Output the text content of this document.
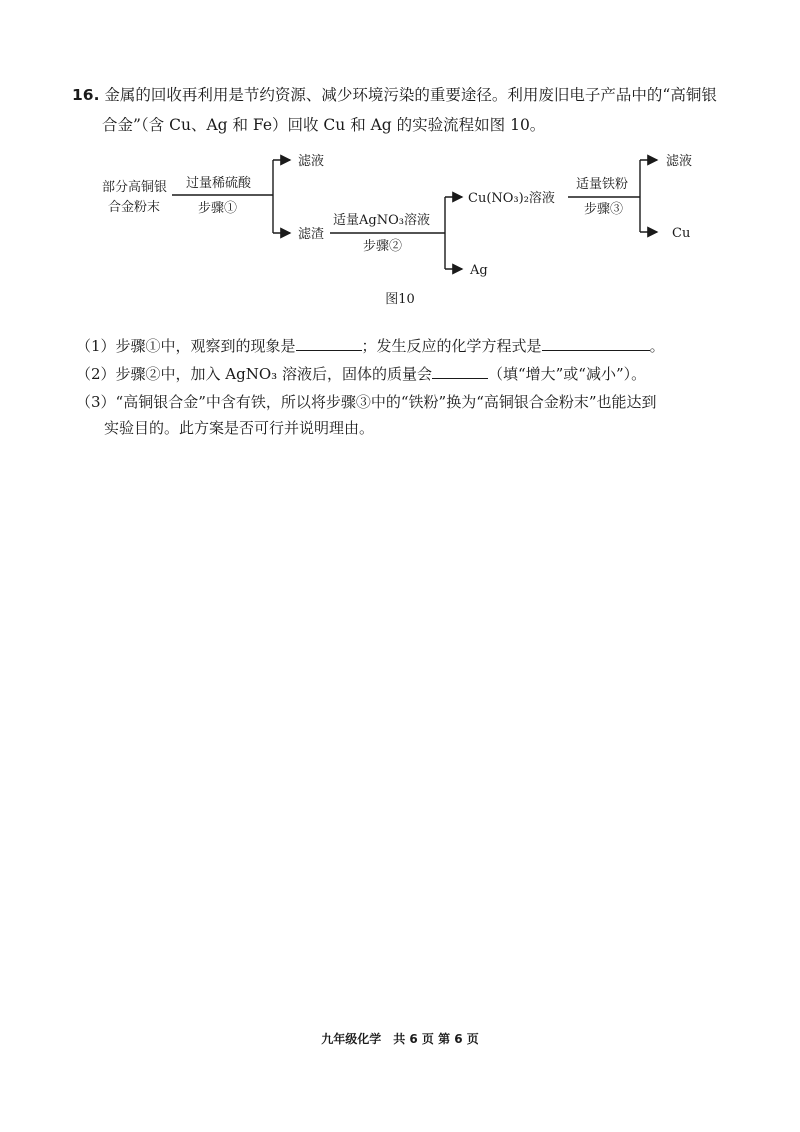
16. 金属的回收再利用是节约资源、减少环境污染的重要途径。利用废旧电子产品中的“高铜银
合金”（含 Cu、Ag 和 Fe）回收 Cu 和 Ag 的实验流程如图 10。
部分高铜银
合金粉末
过量稀硫酸
步骤①
滤液
滤渣
适量AgNO₃溶液
步骤②
Cu(NO₃)₂溶液
Ag
适量铁粉
步骤③
滤液
Cu
图10
（1）步骤①中，观察到的现象是	；发生反应的化学方程式是	。
（2）步骤②中，加入 AgNO₃ 溶液后，固体的质量会	（填“增大”或“减小”）。
（3）“高铜银合金”中含有铁，所以将步骤③中的“铁粉”换为“高铜银合金粉末”也能达到
实验目的。此方案是否可行并说明理由。
九年级化学　共 6 页 第 6 页
